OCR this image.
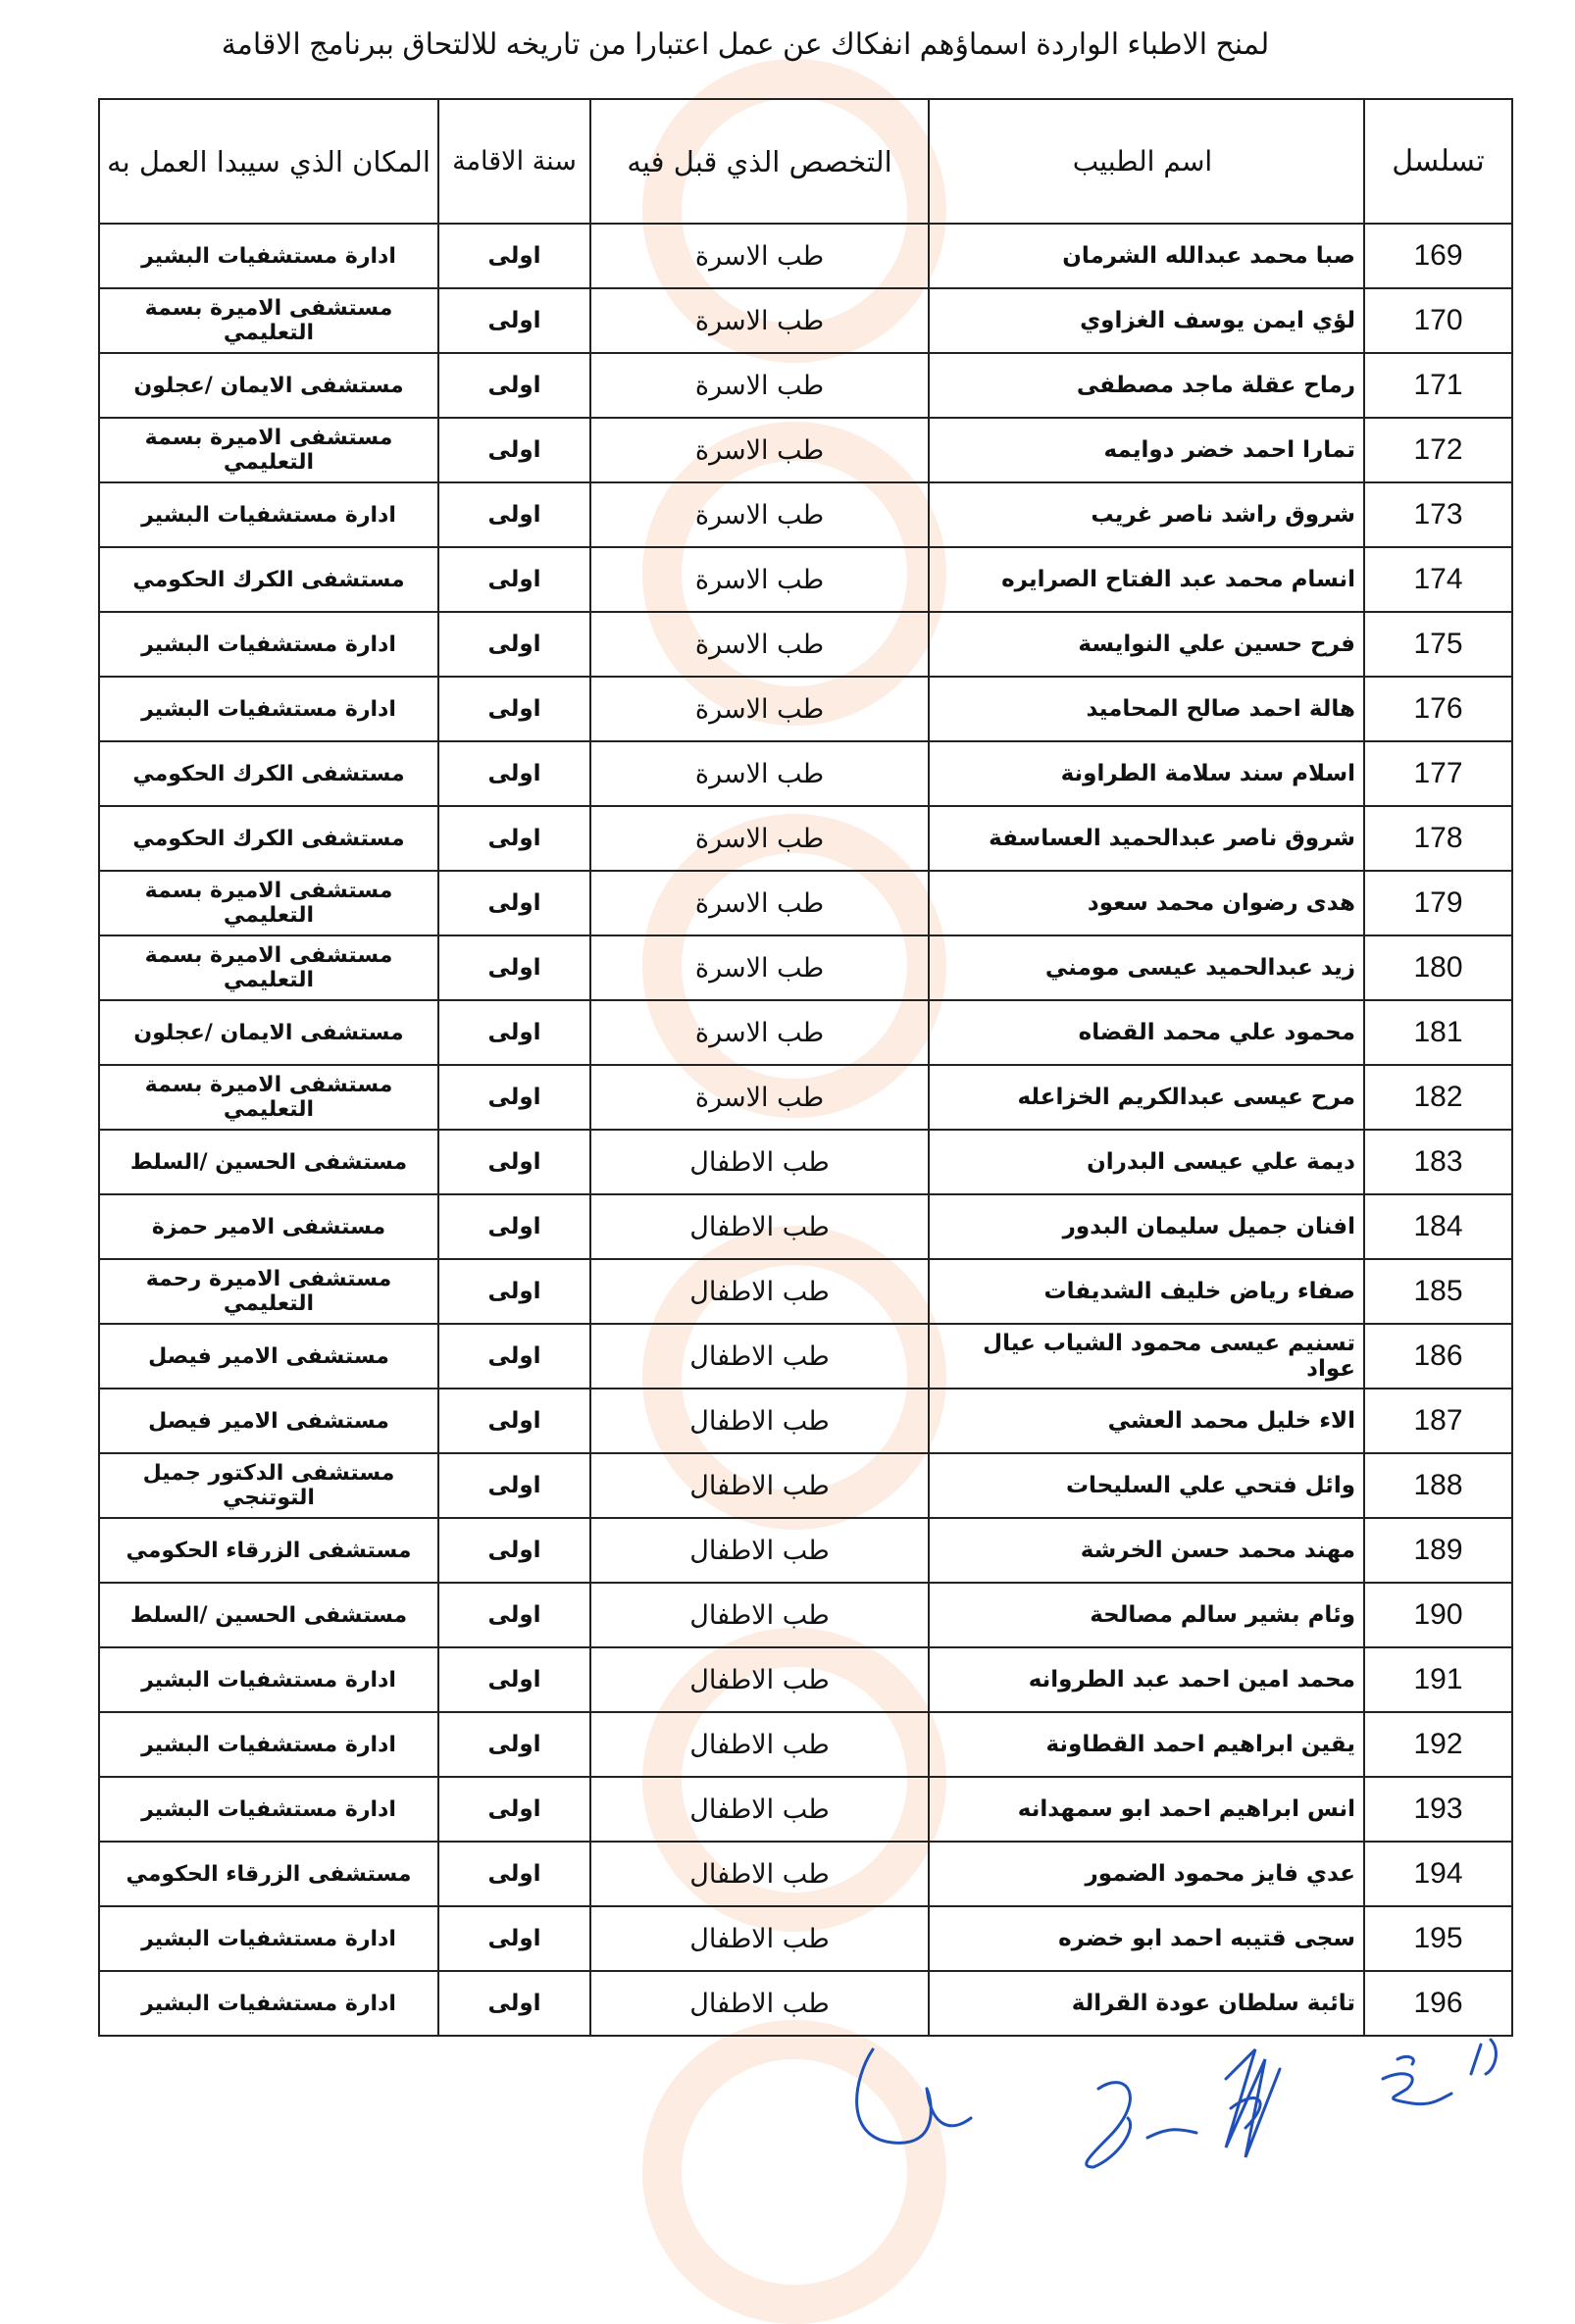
لمنح الاطباء الواردة اسماؤهم انفكاك عن عمل اعتبارا من تاريخه للالتحاق ببرنامج الاقامة
تسلسل	اسم الطبيب	التخصص الذي قبل فيه	سنة الاقامة	المكان الذي سيبدا العمل به
169	صبا محمد عبدالله الشرمان	طب الاسرة	اولى	ادارة مستشفيات البشير
170	لؤي ايمن يوسف الغزاوي	طب الاسرة	اولى	مستشفى الاميرة بسمة التعليمي
171	رماح عقلة ماجد مصطفى	طب الاسرة	اولى	مستشفى الايمان /عجلون
172	تمارا احمد خضر دوايمه	طب الاسرة	اولى	مستشفى الاميرة بسمة التعليمي
173	شروق راشد ناصر غريب	طب الاسرة	اولى	ادارة مستشفيات البشير
174	انسام محمد عبد الفتاح الصرايره	طب الاسرة	اولى	مستشفى الكرك الحكومي
175	فرح حسين علي النوايسة	طب الاسرة	اولى	ادارة مستشفيات البشير
176	هالة احمد صالح المحاميد	طب الاسرة	اولى	ادارة مستشفيات البشير
177	اسلام سند سلامة الطراونة	طب الاسرة	اولى	مستشفى الكرك الحكومي
178	شروق ناصر عبدالحميد العساسفة	طب الاسرة	اولى	مستشفى الكرك الحكومي
179	هدى رضوان محمد سعود	طب الاسرة	اولى	مستشفى الاميرة بسمة التعليمي
180	زيد عبدالحميد عيسى مومني	طب الاسرة	اولى	مستشفى الاميرة بسمة التعليمي
181	محمود علي محمد القضاه	طب الاسرة	اولى	مستشفى الايمان /عجلون
182	مرح عيسى عبدالكريم الخزاعله	طب الاسرة	اولى	مستشفى الاميرة بسمة التعليمي
183	ديمة علي عيسى البدران	طب الاطفال	اولى	مستشفى الحسين /السلط
184	افنان جميل سليمان البدور	طب الاطفال	اولى	مستشفى الامير حمزة
185	صفاء رياض خليف الشديفات	طب الاطفال	اولى	مستشفى الاميرة رحمة التعليمي
186	تسنيم عيسى محمود الشياب عيال عواد	طب الاطفال	اولى	مستشفى الامير فيصل
187	الاء خليل محمد العشي	طب الاطفال	اولى	مستشفى الامير فيصل
188	وائل فتحي علي السليحات	طب الاطفال	اولى	مستشفى الدكتور جميل التوتنجي
189	مهند محمد حسن الخرشة	طب الاطفال	اولى	مستشفى الزرقاء الحكومي
190	وئام بشير سالم مصالحة	طب الاطفال	اولى	مستشفى الحسين /السلط
191	محمد امين احمد عبد الطروانه	طب الاطفال	اولى	ادارة مستشفيات البشير
192	يقين ابراهيم احمد القطاونة	طب الاطفال	اولى	ادارة مستشفيات البشير
193	انس ابراهيم احمد ابو سمهدانه	طب الاطفال	اولى	ادارة مستشفيات البشير
194	عدي فايز محمود الضمور	طب الاطفال	اولى	مستشفى الزرقاء الحكومي
195	سجى قتيبه احمد ابو خضره	طب الاطفال	اولى	ادارة مستشفيات البشير
196	تائبة سلطان عودة القرالة	طب الاطفال	اولى	ادارة مستشفيات البشير
